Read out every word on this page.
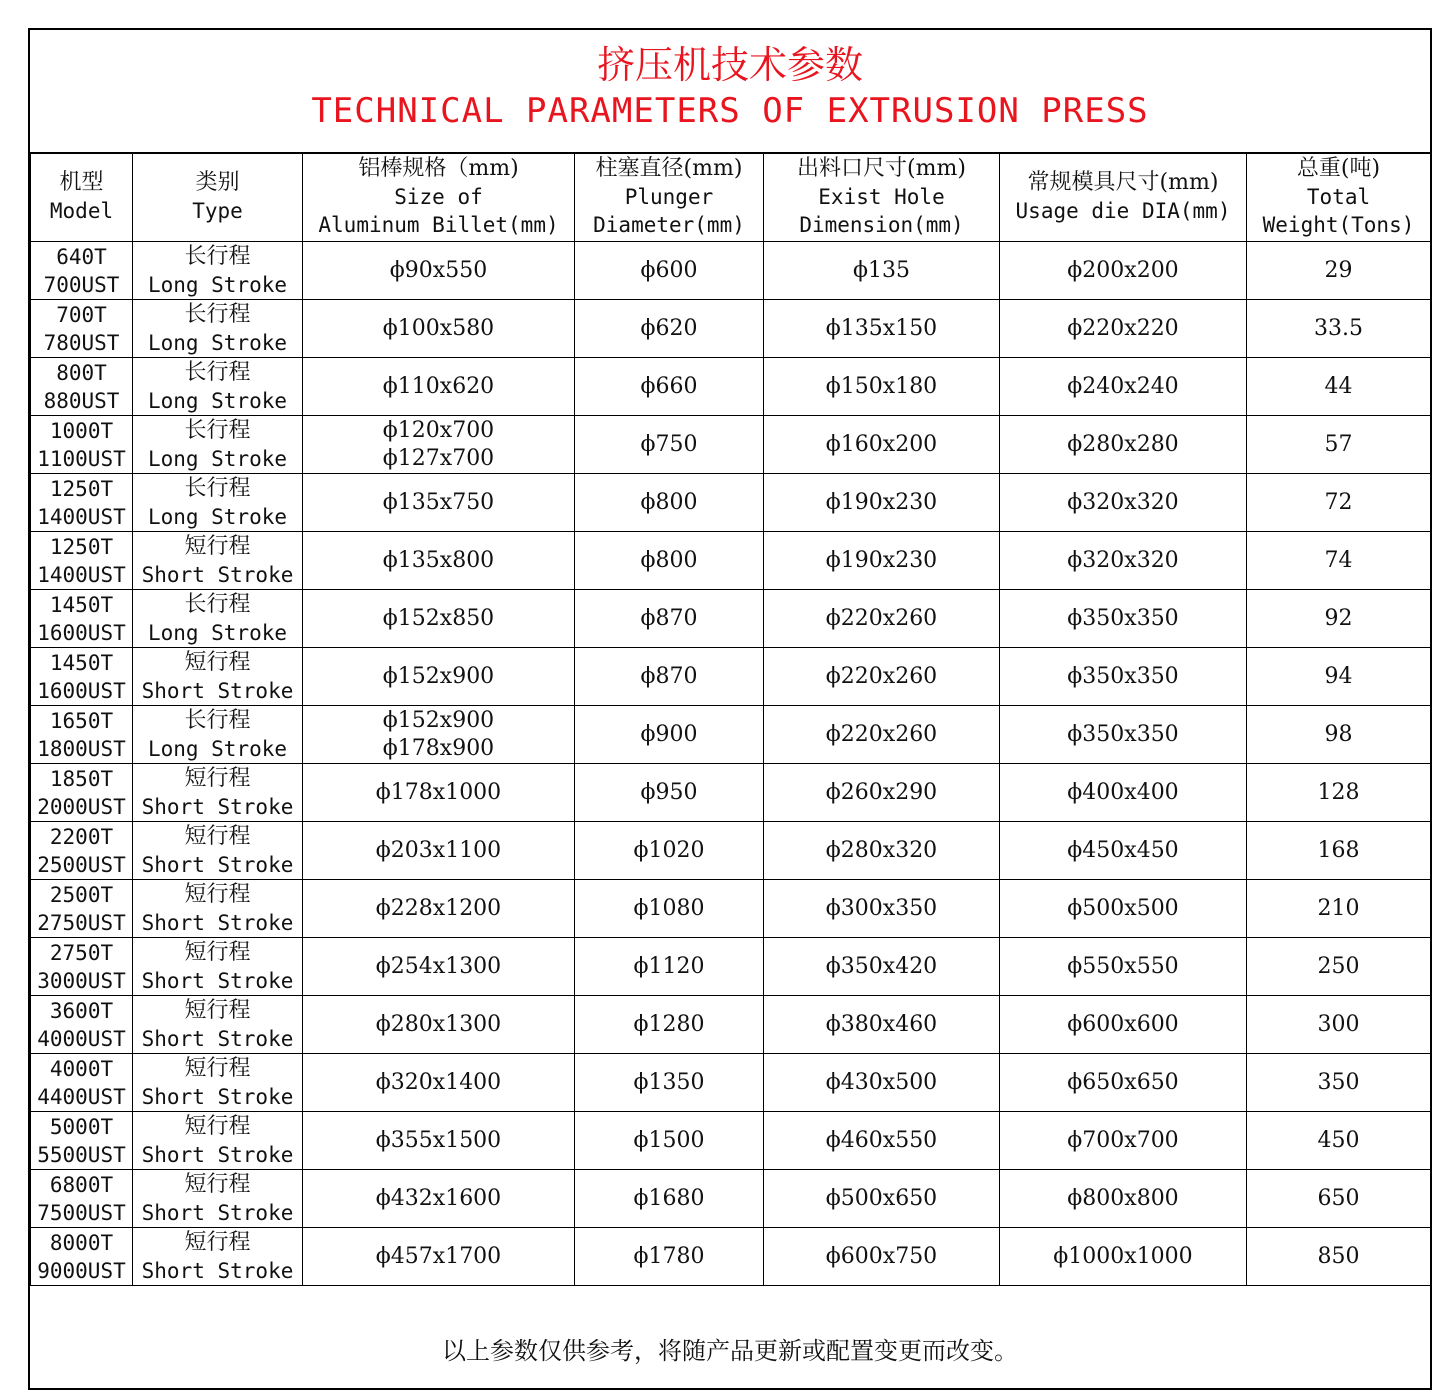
挤压机技术参数
TECHNICAL PARAMETERS OF EXTRUSION PRESS
机型
Model	类别
Type	铝棒规格（mm)
Size of
Aluminum Billet(mm)	柱塞直径(mm)
Plunger
Diameter(mm)	出料口尺寸(mm)
Exist Hole
Dimension(mm)	常规模具尺寸(mm)
Usage die DIA(mm)	总重(吨)
Total
Weight(Tons)

640T
700UST	长行程
Long Stroke	ϕ90x550	ϕ600	ϕ135	ϕ200x200	29

700T
780UST	长行程
Long Stroke	ϕ100x580	ϕ620	ϕ135x150	ϕ220x220	33.5

800T
880UST	长行程
Long Stroke	ϕ110x620	ϕ660	ϕ150x180	ϕ240x240	44

1000T
1100UST	长行程
Long Stroke	ϕ120x700
ϕ127x700	ϕ750	ϕ160x200	ϕ280x280	57

1250T
1400UST	长行程
Long Stroke	ϕ135x750	ϕ800	ϕ190x230	ϕ320x320	72

1250T
1400UST	短行程
Short Stroke	ϕ135x800	ϕ800	ϕ190x230	ϕ320x320	74

1450T
1600UST	长行程
Long Stroke	ϕ152x850	ϕ870	ϕ220x260	ϕ350x350	92

1450T
1600UST	短行程
Short Stroke	ϕ152x900	ϕ870	ϕ220x260	ϕ350x350	94

1650T
1800UST	长行程
Long Stroke	ϕ152x900
ϕ178x900	ϕ900	ϕ220x260	ϕ350x350	98

1850T
2000UST	短行程
Short Stroke	ϕ178x1000	ϕ950	ϕ260x290	ϕ400x400	128

2200T
2500UST	短行程
Short Stroke	ϕ203x1100	ϕ1020	ϕ280x320	ϕ450x450	168

2500T
2750UST	短行程
Short Stroke	ϕ228x1200	ϕ1080	ϕ300x350	ϕ500x500	210

2750T
3000UST	短行程
Short Stroke	ϕ254x1300	ϕ1120	ϕ350x420	ϕ550x550	250

3600T
4000UST	短行程
Short Stroke	ϕ280x1300	ϕ1280	ϕ380x460	ϕ600x600	300

4000T
4400UST	短行程
Short Stroke	ϕ320x1400	ϕ1350	ϕ430x500	ϕ650x650	350

5000T
5500UST	短行程
Short Stroke	ϕ355x1500	ϕ1500	ϕ460x550	ϕ700x700	450

6800T
7500UST	短行程
Short Stroke	ϕ432x1600	ϕ1680	ϕ500x650	ϕ800x800	650

8000T
9000UST	短行程
Short Stroke	ϕ457x1700	ϕ1780	ϕ600x750	ϕ1000x1000	850
以上参数仅供参考，将随产品更新或配置变更而改变。
